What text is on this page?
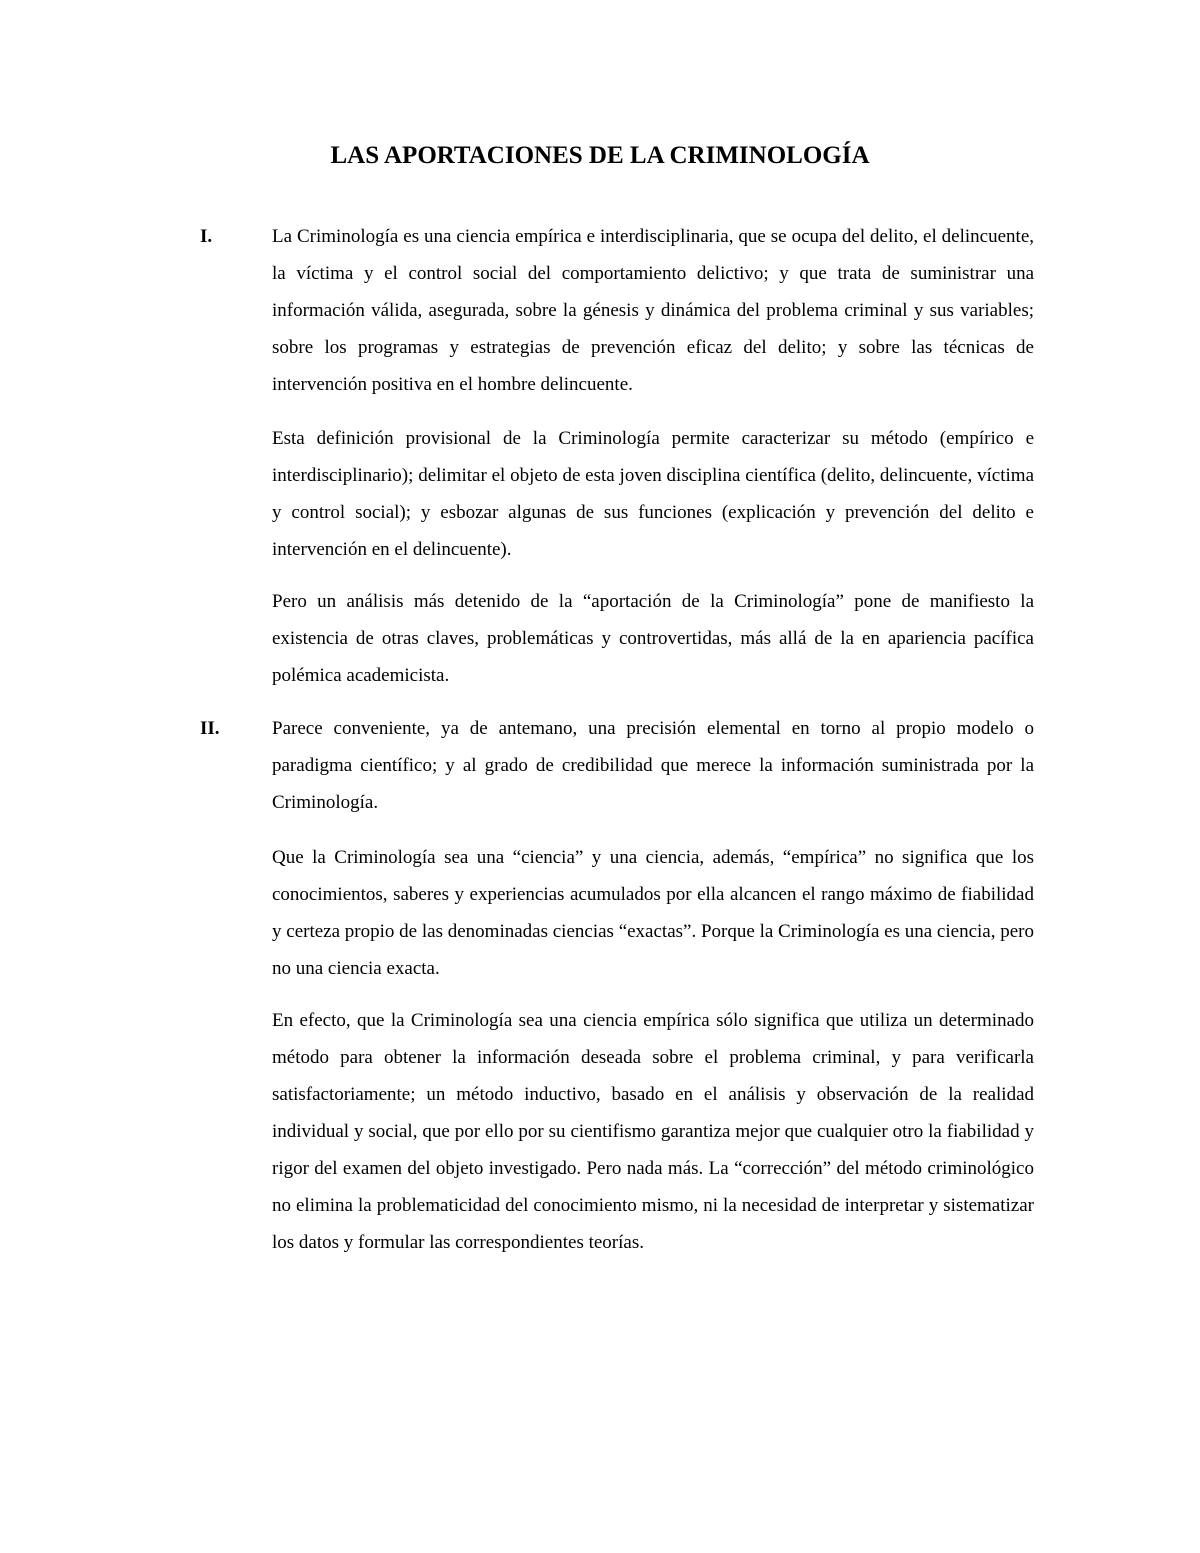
LAS APORTACIONES DE LA CRIMINOLOGÍA
I.	La Criminología es una ciencia empírica e interdisciplinaria, que se ocupa del delito, el delincuente, la víctima y el control social del comportamiento delictivo; y que trata de suministrar una información válida, asegurada, sobre la génesis y dinámica del problema criminal y sus variables; sobre los programas y estrategias de prevención eficaz del delito; y sobre las técnicas de intervención positiva en el hombre delincuente.

Esta definición provisional de la Criminología permite caracterizar su método (empírico e interdisciplinario); delimitar el objeto de esta joven disciplina científica (delito, delincuente, víctima y control social); y esbozar algunas de sus funciones (explicación y prevención del delito e intervención en el delincuente).

Pero un análisis más detenido de la “aportación de la Criminología” pone de manifiesto la existencia de otras claves, problemáticas y controvertidas, más allá de la en apariencia pacífica polémica academicista.

II.	Parece conveniente, ya de antemano, una precisión elemental en torno al propio modelo o paradigma científico; y al grado de credibilidad que merece la información suministrada por la Criminología.

Que la Criminología sea una “ciencia” y una ciencia, además, “empírica” no significa que los conocimientos, saberes y experiencias acumulados por ella alcancen el rango máximo de fiabilidad y certeza propio de las denominadas ciencias “exactas”. Porque la Criminología es una ciencia, pero no una ciencia exacta.

En efecto, que la Criminología sea una ciencia empírica sólo significa que utiliza un determinado método para obtener la información deseada sobre el problema criminal, y para verificarla satisfactoriamente; un método inductivo, basado en el análisis y observación de la realidad individual y social, que por ello por su cientifismo garantiza mejor que cualquier otro la fiabilidad y rigor del examen del objeto investigado. Pero nada más. La “corrección” del método criminológico no elimina la problematicidad del conocimiento mismo, ni la necesidad de interpretar y sistematizar los datos y formular las correspondientes teorías.
